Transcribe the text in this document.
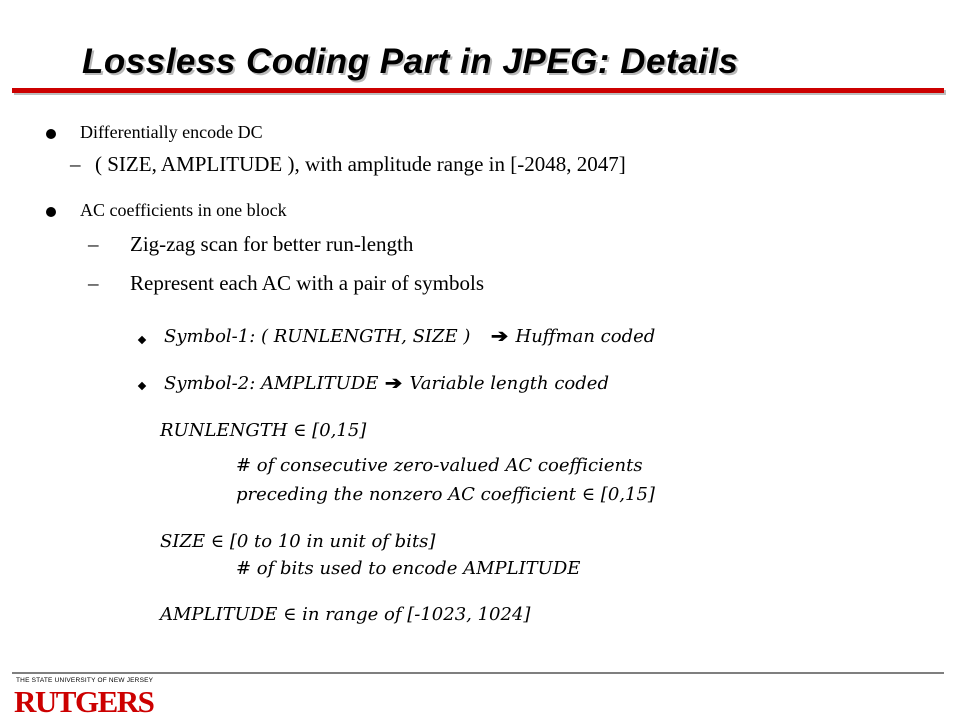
Lossless Coding Part in JPEG: Details
Differentially encode DC
– ( SIZE, AMPLITUDE ), with amplitude range in [-2048, 2047]
AC coefficients in one block
– Zig-zag scan for better run-length
– Represent each AC with a pair of symbols
Symbol-1: ( RUNLENGTH, SIZE ) ➔ Huffman coded
Symbol-2: AMPLITUDE ➔ Variable length coded
RUNLENGTH ∈ [0,15]
# of consecutive zero-valued AC coefficients
preceding the nonzero AC coefficient ∈ [0,15]
SIZE ∈ [0 to 10 in unit of bits]
# of bits used to encode AMPLITUDE
AMPLITUDE ∈ in range of [-1023, 1024]
THE STATE UNIVERSITY OF NEW JERSEY
RUTGERS
